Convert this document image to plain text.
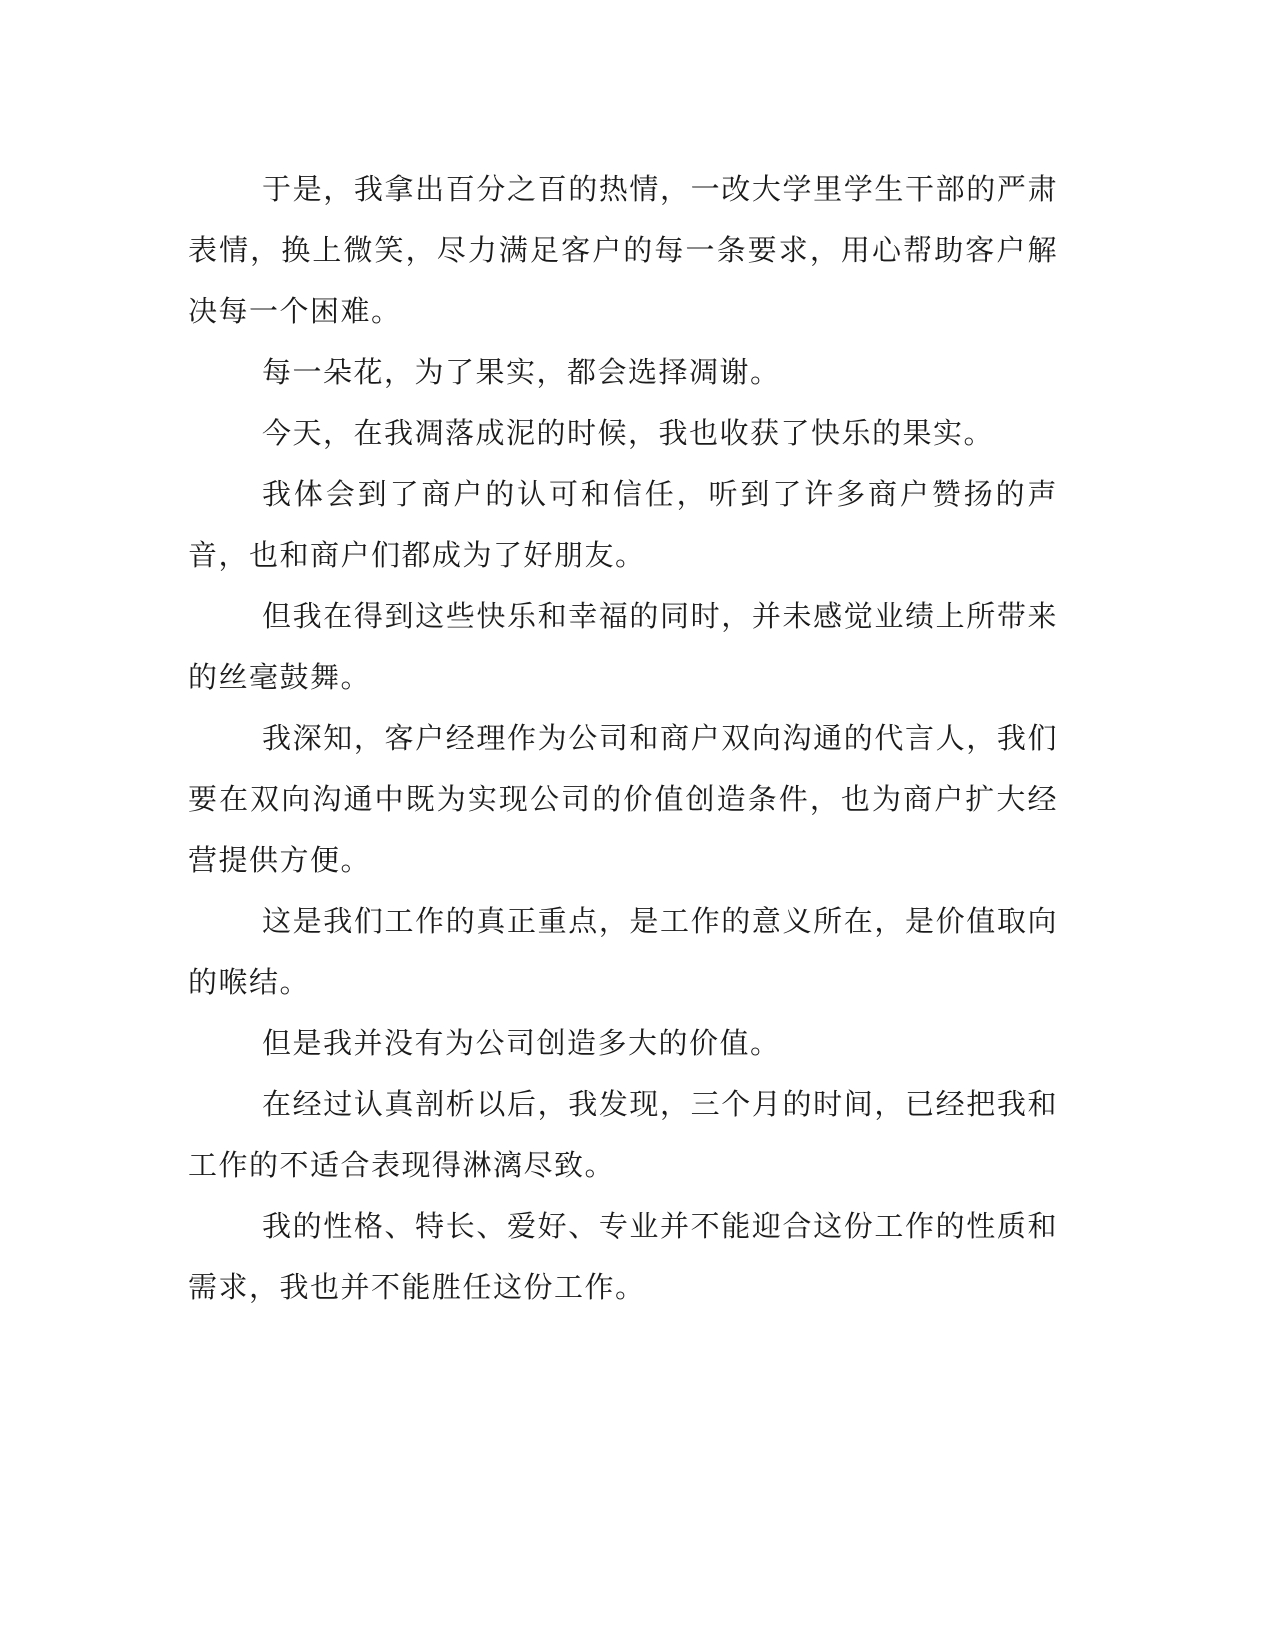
于是，我拿出百分之百的热情，一改大学里学生干部的严肃表情，换上微笑，尽力满足客户的每一条要求，用心帮助客户解决每一个困难。

每一朵花，为了果实，都会选择凋谢。

今天，在我凋落成泥的时候，我也收获了快乐的果实。

我体会到了商户的认可和信任，听到了许多商户赞扬的声音，也和商户们都成为了好朋友。

但我在得到这些快乐和幸福的同时，并未感觉业绩上所带来的丝毫鼓舞。

我深知，客户经理作为公司和商户双向沟通的代言人，我们要在双向沟通中既为实现公司的价值创造条件，也为商户扩大经营提供方便。

这是我们工作的真正重点，是工作的意义所在，是价值取向的喉结。

但是我并没有为公司创造多大的价值。

在经过认真剖析以后，我发现，三个月的时间，已经把我和工作的不适合表现得淋漓尽致。

我的性格、特长、爱好、专业并不能迎合这份工作的性质和需求，我也并不能胜任这份工作。
